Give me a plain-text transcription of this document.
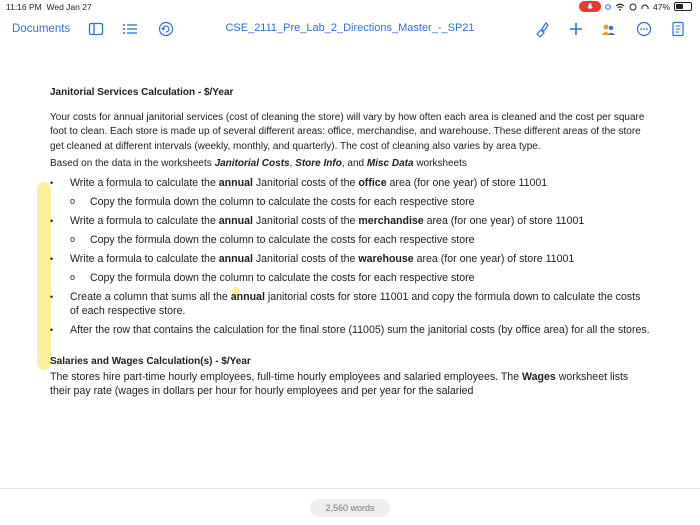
11:16 PM Wed Jan 27	47%
Documents	CSE_2111_Pre_Lab_2_Directions_Master_-_SP21
Janitorial Services Calculation - $/Year

Your costs for annual janitorial services (cost of cleaning the store) will vary by how often each area is cleaned and the cost per square foot to clean. Each store is made up of several different areas: office, merchandise, and warehouse. These different areas of the store get cleaned at different intervals (weekly, monthly, and quarterly). The cost of cleaning also varies by area type.

Based on the data in the worksheets Janitorial Costs, Store Info, and Misc Data worksheets

• Write a formula to calculate the annual Janitorial costs of the office area (for one year) of store 11001
o Copy the formula down the column to calculate the costs for each respective store
• Write a formula to calculate the annual Janitorial costs of the merchandise area (for one year) of store 11001
o Copy the formula down the column to calculate the costs for each respective store
• Write a formula to calculate the annual Janitorial costs of the warehouse area (for one year) of store 11001
o Copy the formula down the column to calculate the costs for each respective store
• Create a column that sums all the annual janitorial costs for store 11001 and copy the formula down to calculate the costs of each respective store.
• After the row that contains the calculation for the final store (11005) sum the janitorial costs (by office area) for all the stores.
Salaries and Wages Calculation(s) - $/Year

The stores hire part-time hourly employees, full-time hourly employees and salaried employees. The Wages worksheet lists their pay rate (wages in dollars per hour for hourly employees and per year for the salaried

2,560 words
